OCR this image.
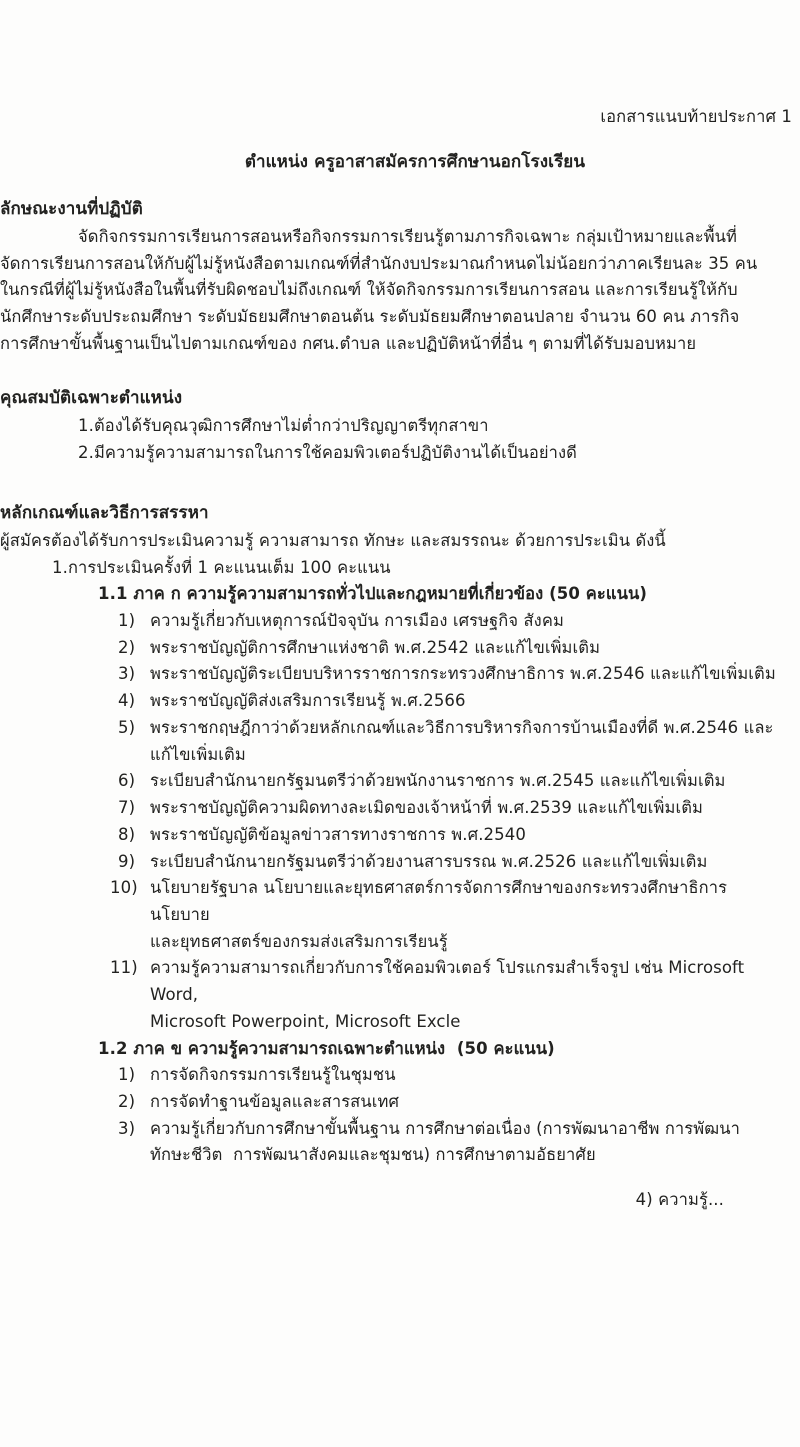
เอกสารแนบท้ายประกาศ 1
ตำแหน่ง ครูอาสาสมัครการศึกษานอกโรงเรียน
ลักษณะงานที่ปฏิบัติ
จัดกิจกรรมการเรียนการสอนหรือกิจกรรมการเรียนรู้ตามภารกิจเฉพาะ กลุ่มเป้าหมายและพื้นที่
จัดการเรียนการสอนให้กับผู้ไม่รู้หนังสือตามเกณฑ์ที่สำนักงบประมาณกำหนดไม่น้อยกว่าภาคเรียนละ 35 คน
ในกรณีที่ผู้ไม่รู้หนังสือในพื้นที่รับผิดชอบไม่ถึงเกณฑ์ ให้จัดกิจกรรมการเรียนการสอน และการเรียนรู้ให้กับ
นักศึกษาระดับประถมศึกษา ระดับมัธยมศึกษาตอนต้น ระดับมัธยมศึกษาตอนปลาย จำนวน 60 คน ภารกิจ
การศึกษาขั้นพื้นฐานเป็นไปตามเกณฑ์ของ กศน.ตำบล และปฏิบัติหน้าที่อื่น ๆ ตามที่ได้รับมอบหมาย
คุณสมบัติเฉพาะตำแหน่ง
1.ต้องได้รับคุณวุฒิการศึกษาไม่ต่ำกว่าปริญญาตรีทุกสาขา
2.มีความรู้ความสามารถในการใช้คอมพิวเตอร์ปฏิบัติงานได้เป็นอย่างดี
หลักเกณฑ์และวิธีการสรรหา
ผู้สมัครต้องได้รับการประเมินความรู้ ความสามารถ ทักษะ และสมรรถนะ ด้วยการประเมิน ดังนี้
1.การประเมินครั้งที่ 1 คะแนนเต็ม 100 คะแนน
1.1 ภาค ก ความรู้ความสามารถทั่วไปและกฎหมายที่เกี่ยวข้อง (50 คะแนน)
1) ความรู้เกี่ยวกับเหตุการณ์ปัจจุบัน การเมือง เศรษฐกิจ สังคม
2) พระราชบัญญัติการศึกษาแห่งชาติ พ.ศ.2542 และแก้ไขเพิ่มเติม
3) พระราชบัญญัติระเบียบบริหารราชการกระทรวงศึกษาธิการ พ.ศ.2546 และแก้ไขเพิ่มเติม
4) พระราชบัญญัติส่งเสริมการเรียนรู้ พ.ศ.2566
5) พระราชกฤษฎีกาว่าด้วยหลักเกณฑ์และวิธีการบริหารกิจการบ้านเมืองที่ดี พ.ศ.2546 และ
แก้ไขเพิ่มเติม
6) ระเบียบสำนักนายกรัฐมนตรีว่าด้วยพนักงานราชการ พ.ศ.2545 และแก้ไขเพิ่มเติม
7) พระราชบัญญัติความผิดทางละเมิดของเจ้าหน้าที่ พ.ศ.2539 และแก้ไขเพิ่มเติม
8) พระราชบัญญัติข้อมูลข่าวสารทางราชการ พ.ศ.2540
9) ระเบียบสำนักนายกรัฐมนตรีว่าด้วยงานสารบรรณ พ.ศ.2526 และแก้ไขเพิ่มเติม
10) นโยบายรัฐบาล นโยบายและยุทธศาสตร์การจัดการศึกษาของกระทรวงศึกษาธิการ นโยบาย
และยุทธศาสตร์ของกรมส่งเสริมการเรียนรู้
11) ความรู้ความสามารถเกี่ยวกับการใช้คอมพิวเตอร์ โปรแกรมสำเร็จรูป เช่น Microsoft Word,
Microsoft Powerpoint, Microsoft Excle
1.2 ภาค ข ความรู้ความสามารถเฉพาะตำแหน่ง  (50 คะแนน)
1) การจัดกิจกรรมการเรียนรู้ในชุมชน
2) การจัดทำฐานข้อมูลและสารสนเทศ
3) ความรู้เกี่ยวกับการศึกษาขั้นพื้นฐาน การศึกษาต่อเนื่อง (การพัฒนาอาชีพ การพัฒนา
ทักษะชีวิต  การพัฒนาสังคมและชุมชน) การศึกษาตามอัธยาศัย
4) ความรู้...
